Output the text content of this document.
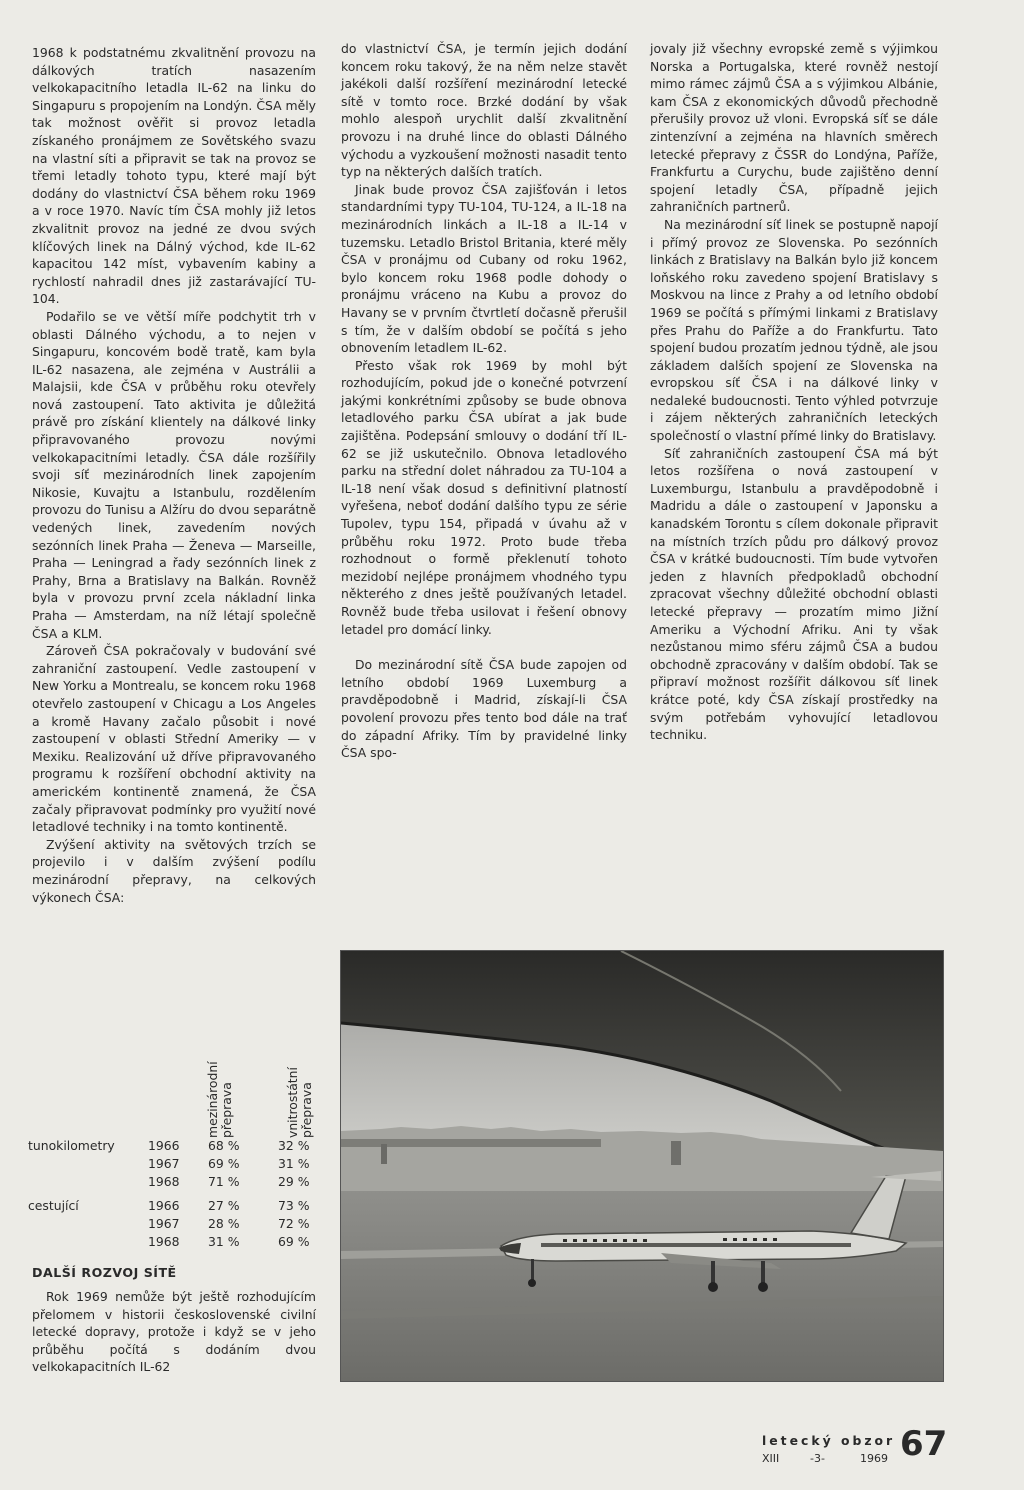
1968 k podstatnému zkvalitnění provozu na dálkových tratích nasazením velkokapacitního letadla IL-62 na linku do Singapuru s propojením na Londýn. ČSA měly tak možnost ověřit si provoz letadla získaného pronájmem ze Sovětského svazu na vlastní síti a připravit se tak na provoz se třemi letadly tohoto typu, které mají být dodány do vlastnictví ČSA během roku 1969 a v roce 1970. Navíc tím ČSA mohly již letos zkvalitnit provoz na jedné ze dvou svých klíčových linek na Dálný východ, kde IL-62 kapacitou 142 míst, vybavením kabiny a rychlostí nahradil dnes již zastarávající TU-104.

Podařilo se ve větší míře podchytit trh v oblasti Dálného východu, a to nejen v Singapuru, koncovém bodě tratě, kam byla IL-62 nasazena, ale zejména v Austrálii a Malajsii, kde ČSA v průběhu roku otevřely nová zastoupení. Tato aktivita je důležitá právě pro získání klientely na dálkové linky připravovaného provozu novými velkokapacitními letadly. ČSA dále rozšířily svoji síť mezinárodních linek zapojením Nikosie, Kuvajtu a Istanbulu, rozdělením provozu do Tunisu a Alžíru do dvou separátně vedených linek, zavedením nových sezónních linek Praha — Ženeva — Marseille, Praha — Leningrad a řady sezónních linek z Prahy, Brna a Bratislavy na Balkán. Rovněž byla v provozu první zcela nákladní linka Praha — Amsterdam, na níž létají společně ČSA a KLM.

Zároveň ČSA pokračovaly v budování své zahraniční zastoupení. Vedle zastoupení v New Yorku a Montrealu, se koncem roku 1968 otevřelo zastoupení v Chicagu a Los Angeles a kromě Havany začalo působit i nové zastoupení v oblasti Střední Ameriky — v Mexiku. Realizování už dříve připravovaného programu k rozšíření obchodní aktivity na americkém kontinentě znamená, že ČSA začaly připravovat podmínky pro využití nové letadlové techniky i na tomto kontinentě.

Zvýšení aktivity na světových trzích se projevilo i v dalším zvýšení podílu mezinárodní přepravy, na celkových výkonech ČSA:

mezinárodní přeprava	vnitrostátní přeprava
tunokilometry	1966 68 %	32 %
1967 69 %	31 %
1968 71 %	29 %
cestující	1966 27 %	73 %
1967 28 %	72 %
1968 31 %	69 %
DALŠÍ ROZVOJ SÍTĚ

Rok 1969 nemůže být ještě rozhodujícím přelomem v historii československé civilní letecké dopravy, protože i když se v jeho průběhu počítá s dodáním dvou velkokapacitních IL-62

do vlastnictví ČSA, je termín jejich dodání koncem roku takový, že na něm nelze stavět jakékoli další rozšíření mezinárodní letecké sítě v tomto roce. Brzké dodání by však mohlo alespoň urychlit další zkvalitnění provozu i na druhé lince do oblasti Dálného východu a vyzkoušení možnosti nasadit tento typ na některých dalších tratích.

Jinak bude provoz ČSA zajišťován i letos standardními typy TU-104, TU-124, a IL-18 na mezinárodních linkách a IL-18 a IL-14 v tuzemsku. Letadlo Bristol Britania, které měly ČSA v pronájmu od Cubany od roku 1962, bylo koncem roku 1968 podle dohody o pronájmu vráceno na Kubu a provoz do Havany se v prvním čtvrtletí dočasně přerušil s tím, že v dalším období se počítá s jeho obnovením letadlem IL-62.

Přesto však rok 1969 by mohl být rozhodujícím, pokud jde o konečné potvrzení jakými konkrétními způsoby se bude obnova letadlového parku ČSA ubírat a jak bude zajištěna. Podepsání smlouvy o dodání tří IL-62 se již uskutečnilo. Obnova letadlového parku na střední dolet náhradou za TU-104 a IL-18 není však dosud s definitivní platností vyřešena, neboť dodání dalšího typu ze série Tupolev, typu 154, připadá v úvahu až v průběhu roku 1972. Proto bude třeba rozhodnout o formě překlenutí tohoto mezidobí nejlépe pronájmem vhodného typu některého z dnes ještě používaných letadel. Rovněž bude třeba usilovat i řešení obnovy letadel pro domácí linky.

Do mezinárodní sítě ČSA bude zapojen od letního období 1969 Luxemburg a pravděpodobně i Madrid, získají-li ČSA povolení provozu přes tento bod dále na trať do západní Afriky. Tím by pravidelné linky ČSA spo-

jovaly již všechny evropské země s výjimkou Norska a Portugalska, které rovněž nestojí mimo rámec zájmů ČSA a s výjimkou Albánie, kam ČSA z ekonomických důvodů přechodně přerušily provoz už vloni. Evropská síť se dále zintenzívní a zejména na hlavních směrech letecké přepravy z ČSSR do Londýna, Paříže, Frankfurtu a Curychu, bude zajištěno denní spojení letadly ČSA, případně jejich zahraničních partnerů.

Na mezinárodní síť linek se postupně napojí i přímý provoz ze Slovenska. Po sezónních linkách z Bratislavy na Balkán bylo již koncem loňského roku zavedeno spojení Bratislavy s Moskvou na lince z Prahy a od letního období 1969 se počítá s přímými linkami z Bratislavy přes Prahu do Paříže a do Frankfurtu. Tato spojení budou prozatím jednou týdně, ale jsou základem dalších spojení ze Slovenska na evropskou síť ČSA i na dálkové linky v nedaleké budoucnosti. Tento výhled potvrzuje i zájem některých zahraničních leteckých společností o vlastní přímé linky do Bratislavy.

Síť zahraničních zastoupení ČSA má být letos rozšířena o nová zastoupení v Luxemburgu, Istanbulu a pravděpodobně i Madridu a dále o zastoupení v Japonsku a kanadském Torontu s cílem dokonale připravit na místních trzích půdu pro dálkový provoz ČSA v krátké budoucnosti. Tím bude vytvořen jeden z hlavních předpokladů obchodní zpracovat všechny důležité obchodní oblasti letecké přepravy — prozatím mimo Jižní Ameriku a Východní Afriku. Ani ty však nezůstanou mimo sféru zájmů ČSA a budou obchodně zpracovány v dalším období. Tak se připraví možnost rozšířit dálkovou síť linek krátce poté, kdy ČSA získají prostředky na svým potřebám vyhovující letadlovou techniku.

letecký obzor
XIII	-3-	1969 67
